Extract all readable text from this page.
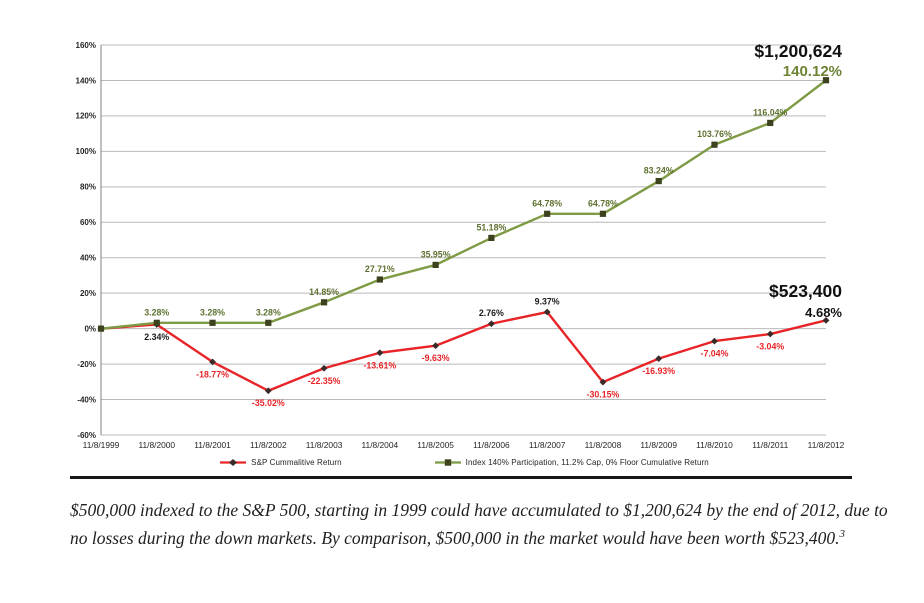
160%
140%
120%
100%
80%
60%
40%
20%
0%
-20%
-40%
-60%
11/8/1999 11/8/2000 11/8/2001 11/8/2002 11/8/2003 11/8/2004 11/8/2005 11/8/2006 11/8/2007 11/8/2008 11/8/2009 11/8/2010 11/8/2011 11/8/2012
2.34%
-18.77%
-35.02%
-22.35%
-13.61%
-9.63%
2.76%
9.37%
-30.15%
-16.93%
-7.04%
-3.04%
3.28%	3.28%	3.28%
14.85%
27.71%
35.95%
51.18%
64.78%	64.78%
83.24%
103.76%
116.04%
$1,200,624
140.12%
$523,400
4.68%
S&P Cummalitive Return	Index 140% Participation, 11.2% Cap, 0% Floor Cumulative Return

$500,000 indexed to the S&P 500, starting in 1999 could have accumulated to $1,200,624 by the end of 2012, due to no losses during the down markets. By comparison, $500,000 in the market would have been worth $523,400.$^3$
